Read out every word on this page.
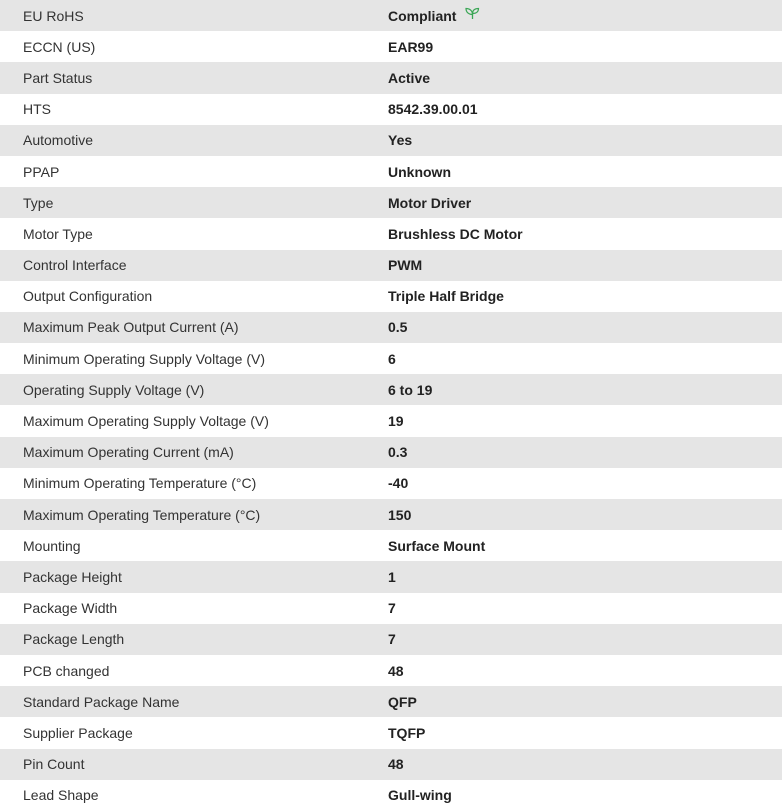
EU RoHS	Compliant
ECCN (US)	EAR99
Part Status	Active
HTS	8542.39.00.01
Automotive	Yes
PPAP	Unknown
Type	Motor Driver
Motor Type	Brushless DC Motor
Control Interface	PWM
Output Configuration	Triple Half Bridge
Maximum Peak Output Current (A)	0.5
Minimum Operating Supply Voltage (V)	6
Operating Supply Voltage (V)	6 to 19
Maximum Operating Supply Voltage (V)	19
Maximum Operating Current (mA)	0.3
Minimum Operating Temperature (°C)	-40
Maximum Operating Temperature (°C)	150
Mounting	Surface Mount
Package Height	1
Package Width	7
Package Length	7
PCB changed	48
Standard Package Name	QFP
Supplier Package	TQFP
Pin Count	48
Lead Shape	Gull-wing
